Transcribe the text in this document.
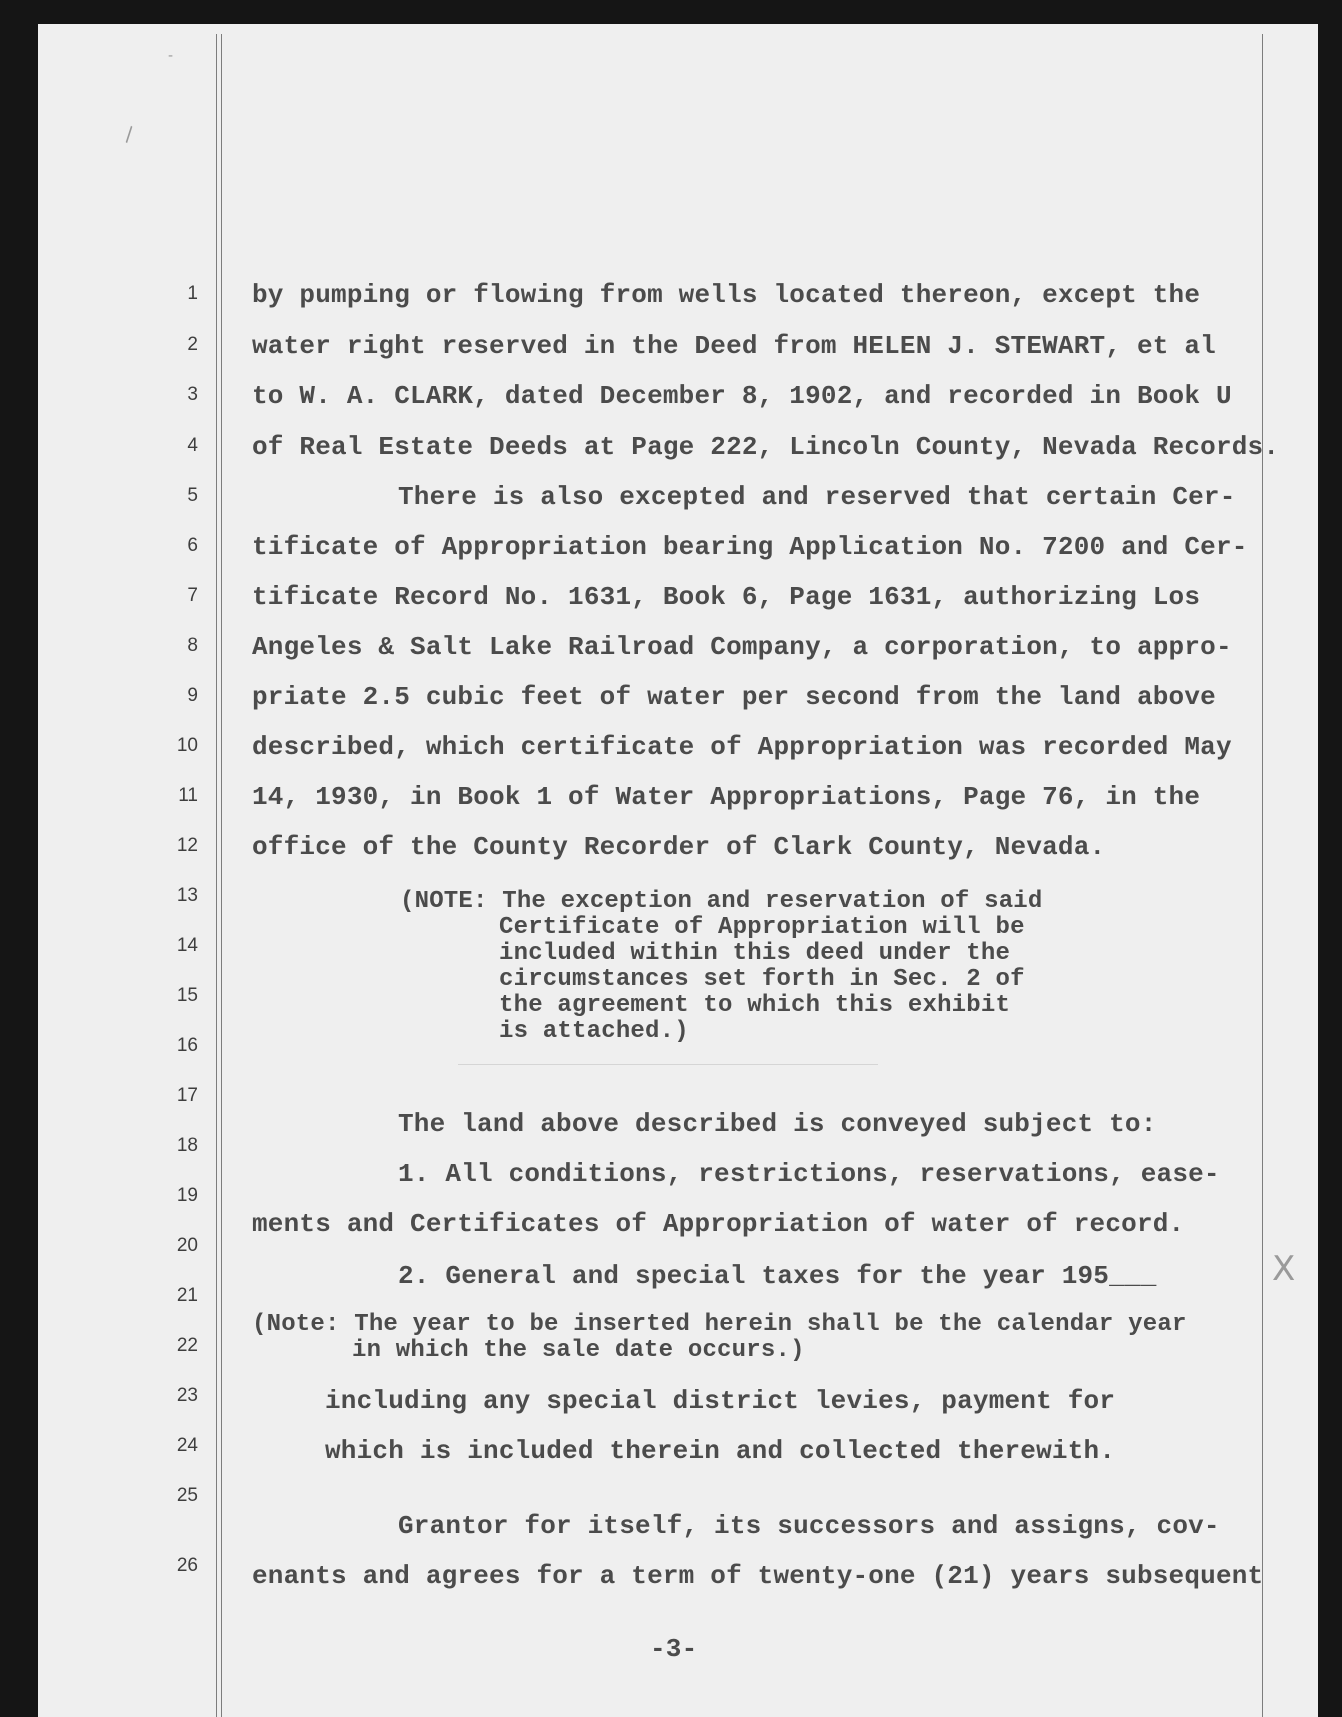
\
-
1
2
3
4
5
6
7
8
9
10
11
12
13
14
15
16
17
18
19
20
21
22
23
24
25
26
by pumping or flowing from wells located thereon, except the
water right reserved in the Deed from HELEN J. STEWART, et al
to W. A. CLARK, dated December 8, 1902, and recorded in Book U
of Real Estate Deeds at Page 222, Lincoln County, Nevada Records.
There is also excepted and reserved that certain Cer-
tificate of Appropriation bearing Application No. 7200 and Cer-
tificate Record No. 1631, Book 6, Page 1631, authorizing Los
Angeles & Salt Lake Railroad Company, a corporation, to appro-
priate 2.5 cubic feet of water per second from the land above
described, which certificate of Appropriation was recorded May
14, 1930, in Book 1 of Water Appropriations, Page 76, in the
office of the County Recorder of Clark County, Nevada.
(NOTE: The exception and reservation of said
Certificate of Appropriation will be
included within this deed under the
circumstances set forth in Sec. 2 of
the agreement to which this exhibit
is attached.)
The land above described is conveyed subject to:
1. All conditions, restrictions, reservations, ease-
ments and Certificates of Appropriation of water of record.
2. General and special taxes for the year 195___
(Note: The year to be inserted herein shall be the calendar year
in which the sale date occurs.)
including any special district levies, payment for
which is included therein and collected therewith.
Grantor for itself, its successors and assigns, cov-
enants and agrees for a term of twenty-one (21) years subsequent
-3-
X
